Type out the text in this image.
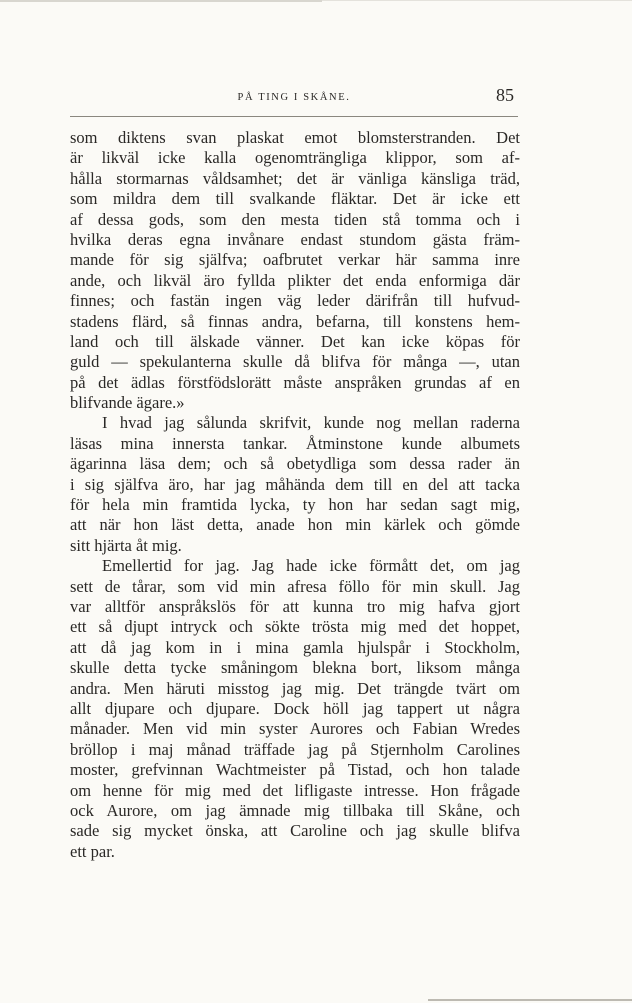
PÅ TING I SKÅNE.	85

som diktens svan plaskat emot blomsterstranden. Det

är likväl icke kalla ogenomträngliga klippor, som af-

hålla stormarnas våldsamhet; det är vänliga känsliga träd,

som mildra dem till svalkande fläktar. Det är icke ett

af dessa gods, som den mesta tiden stå tomma och i

hvilka deras egna invånare endast stundom gästa främ-

mande för sig själfva; oafbrutet verkar här samma inre

ande, och likväl äro fyllda plikter det enda enformiga där

finnes; och fastän ingen väg leder därifrån till hufvud-

stadens flärd, så finnas andra, befarna, till konstens hem-

land och till älskade vänner. Det kan icke köpas för

guld — spekulanterna skulle då blifva för många —, utan

på det ädlas förstfödslorätt måste anspråken grundas af en

blifvande ägare.»

I hvad jag sålunda skrifvit, kunde nog mellan raderna

läsas mina innersta tankar. Åtminstone kunde albumets

ägarinna läsa dem; och så obetydliga som dessa rader än

i sig själfva äro, har jag måhända dem till en del att tacka

för hela min framtida lycka, ty hon har sedan sagt mig,

att när hon läst detta, anade hon min kärlek och gömde

sitt hjärta åt mig.

Emellertid for jag. Jag hade icke förmått det, om jag

sett de tårar, som vid min afresa föllo för min skull. Jag

var alltför anspråkslös för att kunna tro mig hafva gjort

ett så djupt intryck och sökte trösta mig med det hoppet,

att då jag kom in i mina gamla hjulspår i Stockholm,

skulle detta tycke småningom blekna bort, liksom många

andra. Men häruti misstog jag mig. Det trängde tvärt om

allt djupare och djupare. Dock höll jag tappert ut några

månader. Men vid min syster Aurores och Fabian Wredes

bröllop i maj månad träffade jag på Stjernholm Carolines

moster, grefvinnan Wachtmeister på Tistad, och hon talade

om henne för mig med det lifligaste intresse. Hon frågade

ock Aurore, om jag ämnade mig tillbaka till Skåne, och

sade sig mycket önska, att Caroline och jag skulle blifva

ett par.
